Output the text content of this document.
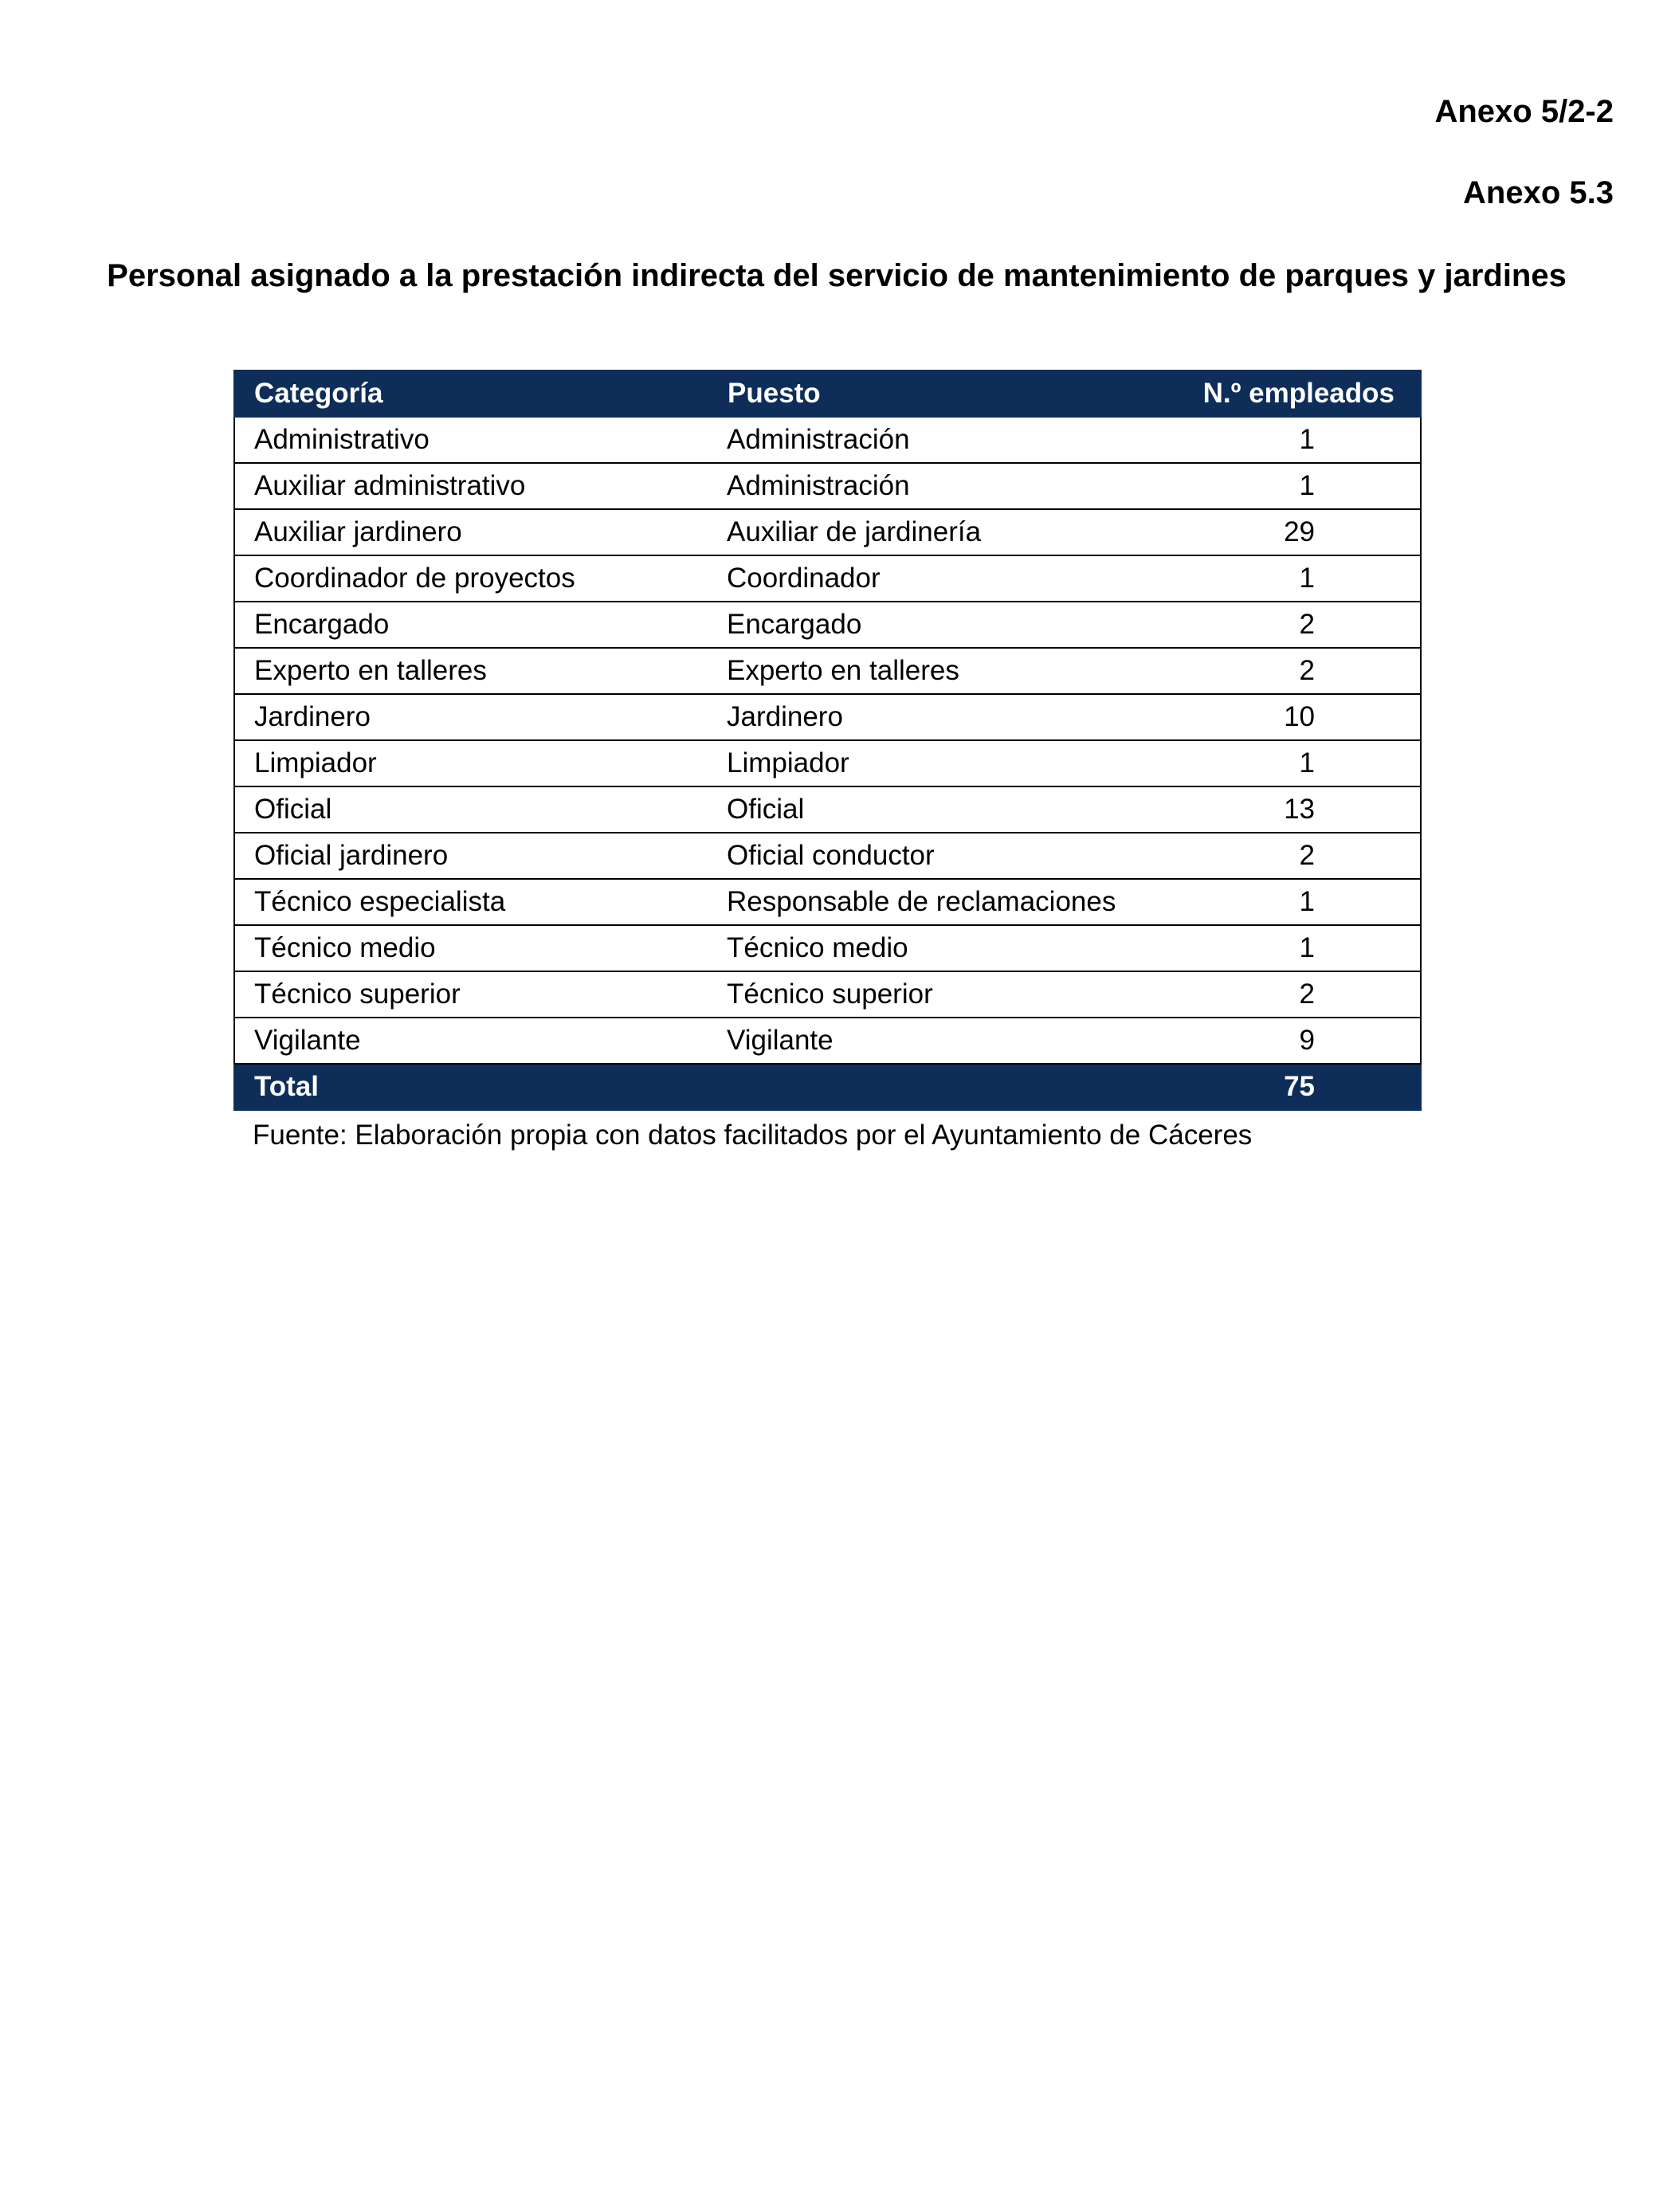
Anexo 5/2-2
Anexo 5.3
Personal asignado a la prestación indirecta del servicio de mantenimiento de parques y jardines
Categoría	Puesto	N.º empleados
Administrativo	Administración	1
Auxiliar administrativo	Administración	1
Auxiliar jardinero	Auxiliar de jardinería	29
Coordinador de proyectos	Coordinador	1
Encargado	Encargado	2
Experto en talleres	Experto en talleres	2
Jardinero	Jardinero	10
Limpiador	Limpiador	1
Oficial	Oficial	13
Oficial jardinero	Oficial conductor	2
Técnico especialista	Responsable de reclamaciones	1
Técnico medio	Técnico medio	1
Técnico superior	Técnico superior	2
Vigilante	Vigilante	9
Total		75
Fuente: Elaboración propia con datos facilitados por el Ayuntamiento de Cáceres
